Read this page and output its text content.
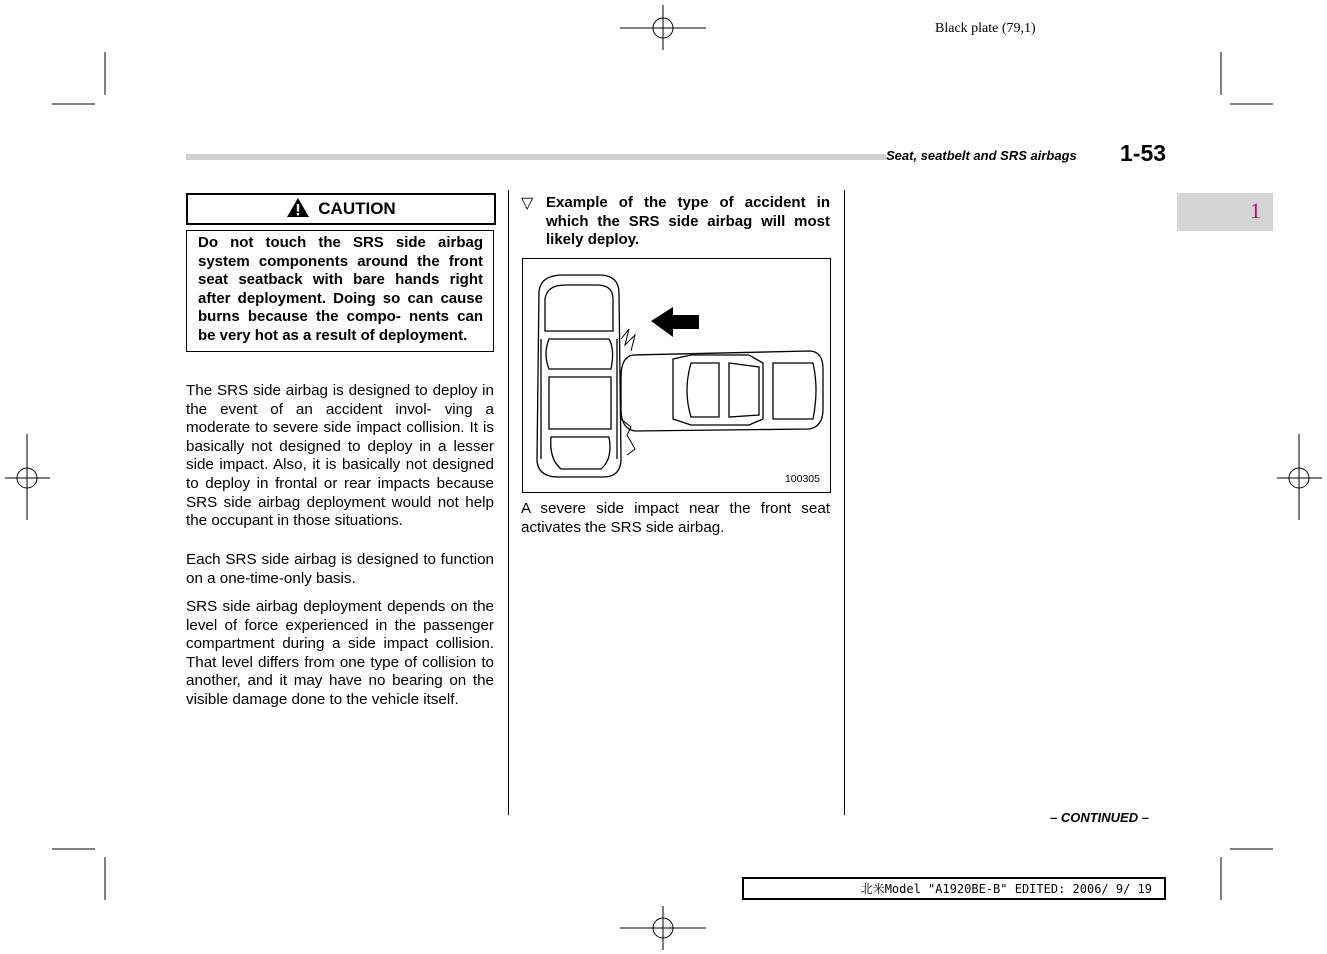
Black plate (79,1)
Seat, seatbelt and SRS airbags 1-53
1
CAUTION
Do not touch the SRS side airbag system components around the front seat seatback with bare hands right after deployment. Doing so can cause burns because the compo- nents can be very hot as a result of deployment.
The SRS side airbag is designed to deploy in the event of an accident invol- ving a moderate to severe side impact collision. It is basically not designed to deploy in a lesser side impact. Also, it is basically not designed to deploy in frontal or rear impacts because SRS side airbag deployment would not help the occupant in those situations.
Each SRS side airbag is designed to function on a one-time-only basis.
SRS side airbag deployment depends on the level of force experienced in the passenger compartment during a side impact collision. That level differs from one type of collision to another, and it may have no bearing on the visible damage done to the vehicle itself.
▽ Example of the type of accident in which the SRS side airbag will most likely deploy.
100305
A severe side impact near the front seat activates the SRS side airbag.
– CONTINUED –
北米Model "A1920BE-B" EDITED: 2006/ 9/ 19
